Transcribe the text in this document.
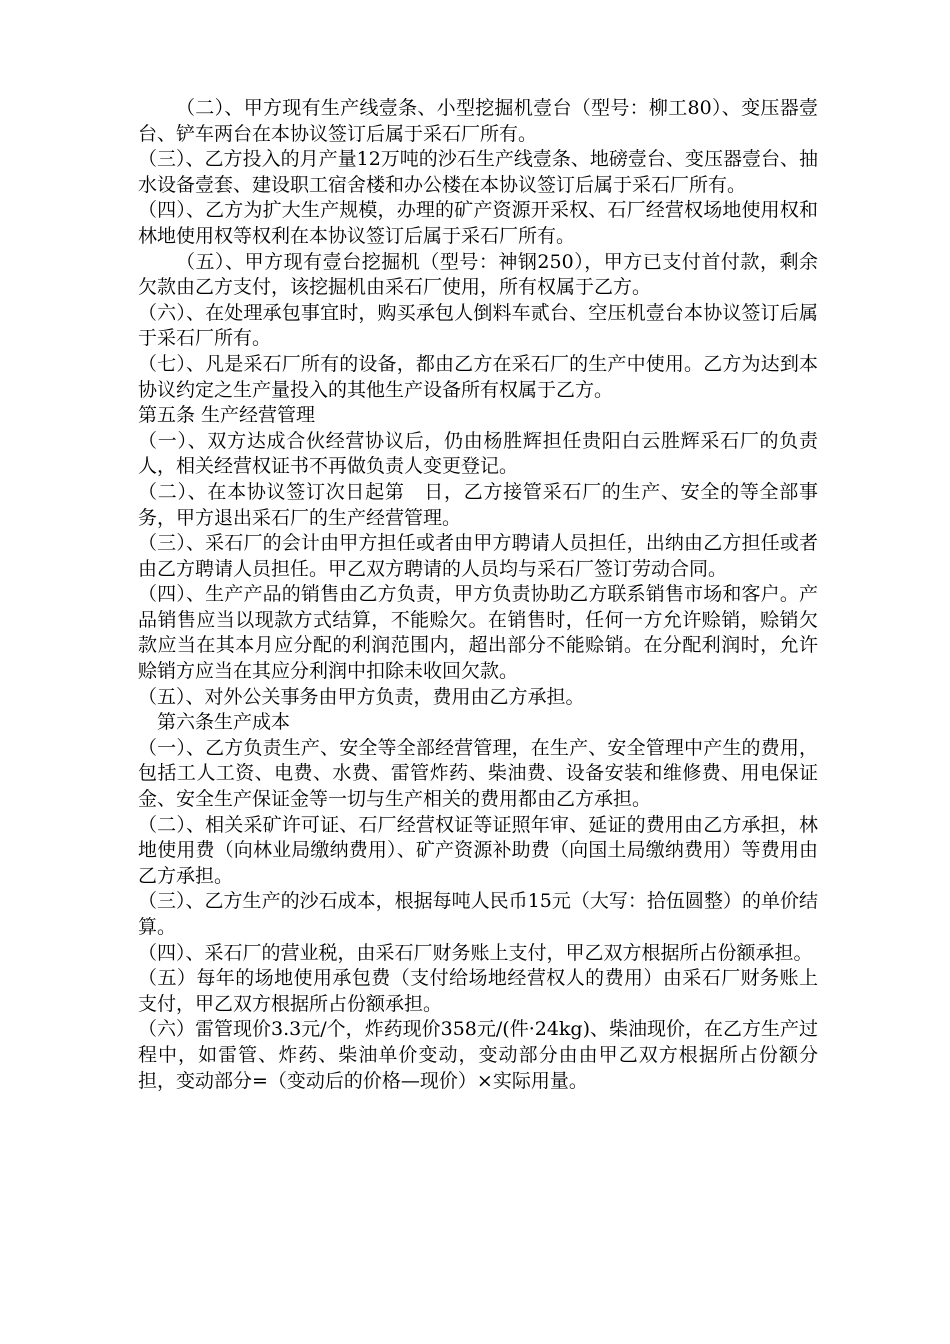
（二）、甲方现有生产线壹条、小型挖掘机壹台（型号：柳工80）、变压器壹台、铲车两台在本协议签订后属于采石厂所有。

（三）、乙方投入的月产量12万吨的沙石生产线壹条、地磅壹台、变压器壹台、抽水设备壹套、建设职工宿舍楼和办公楼在本协议签订后属于采石厂所有。

（四）、乙方为扩大生产规模，办理的矿产资源开采权、石厂经营权场地使用权和林地使用权等权利在本协议签订后属于采石厂所有。

（五）、甲方现有壹台挖掘机（型号：神钢250），甲方已支付首付款，剩余欠款由乙方支付，该挖掘机由采石厂使用，所有权属于乙方。

（六）、在处理承包事宜时，购买承包人倒料车贰台、空压机壹台本协议签订后属于采石厂所有。

（七）、凡是采石厂所有的设备，都由乙方在采石厂的生产中使用。乙方为达到本协议约定之生产量投入的其他生产设备所有权属于乙方。

第五条 生产经营管理

（一）、双方达成合伙经营协议后，仍由杨胜辉担任贵阳白云胜辉采石厂的负责人，相关经营权证书不再做负责人变更登记。

（二）、在本协议签订次日起第　日，乙方接管采石厂的生产、安全的等全部事务，甲方退出采石厂的生产经营管理。

（三）、采石厂的会计由甲方担任或者由甲方聘请人员担任，出纳由乙方担任或者由乙方聘请人员担任。甲乙双方聘请的人员均与采石厂签订劳动合同。

（四）、生产产品的销售由乙方负责，甲方负责协助乙方联系销售市场和客户。产品销售应当以现款方式结算，不能赊欠。在销售时，任何一方允许赊销，赊销欠款应当在其本月应分配的利润范围内，超出部分不能赊销。在分配利润时，允许赊销方应当在其应分利润中扣除未收回欠款。

（五）、对外公关事务由甲方负责，费用由乙方承担。

第六条生产成本

（一）、乙方负责生产、安全等全部经营管理，在生产、安全管理中产生的费用，包括工人工资、电费、水费、雷管炸药、柴油费、设备安装和维修费、用电保证金、安全生产保证金等一切与生产相关的费用都由乙方承担。

（二）、相关采矿许可证、石厂经营权证等证照年审、延证的费用由乙方承担，林地使用费（向林业局缴纳费用）、矿产资源补助费（向国土局缴纳费用）等费用由乙方承担。

（三）、乙方生产的沙石成本，根据每吨人民币15元（大写：拾伍圆整）的单价结算。

（四）、采石厂的营业税，由采石厂财务账上支付，甲乙双方根据所占份额承担。

（五）每年的场地使用承包费（支付给场地经营权人的费用）由采石厂财务账上支付，甲乙双方根据所占份额承担。

（六）雷管现价3.3元/个，炸药现价358元/(件·24kg)、柴油现价，在乙方生产过程中，如雷管、炸药、柴油单价变动，变动部分由由甲乙双方根据所占份额分担，变动部分=（变动后的价格—现价）×实际用量。
